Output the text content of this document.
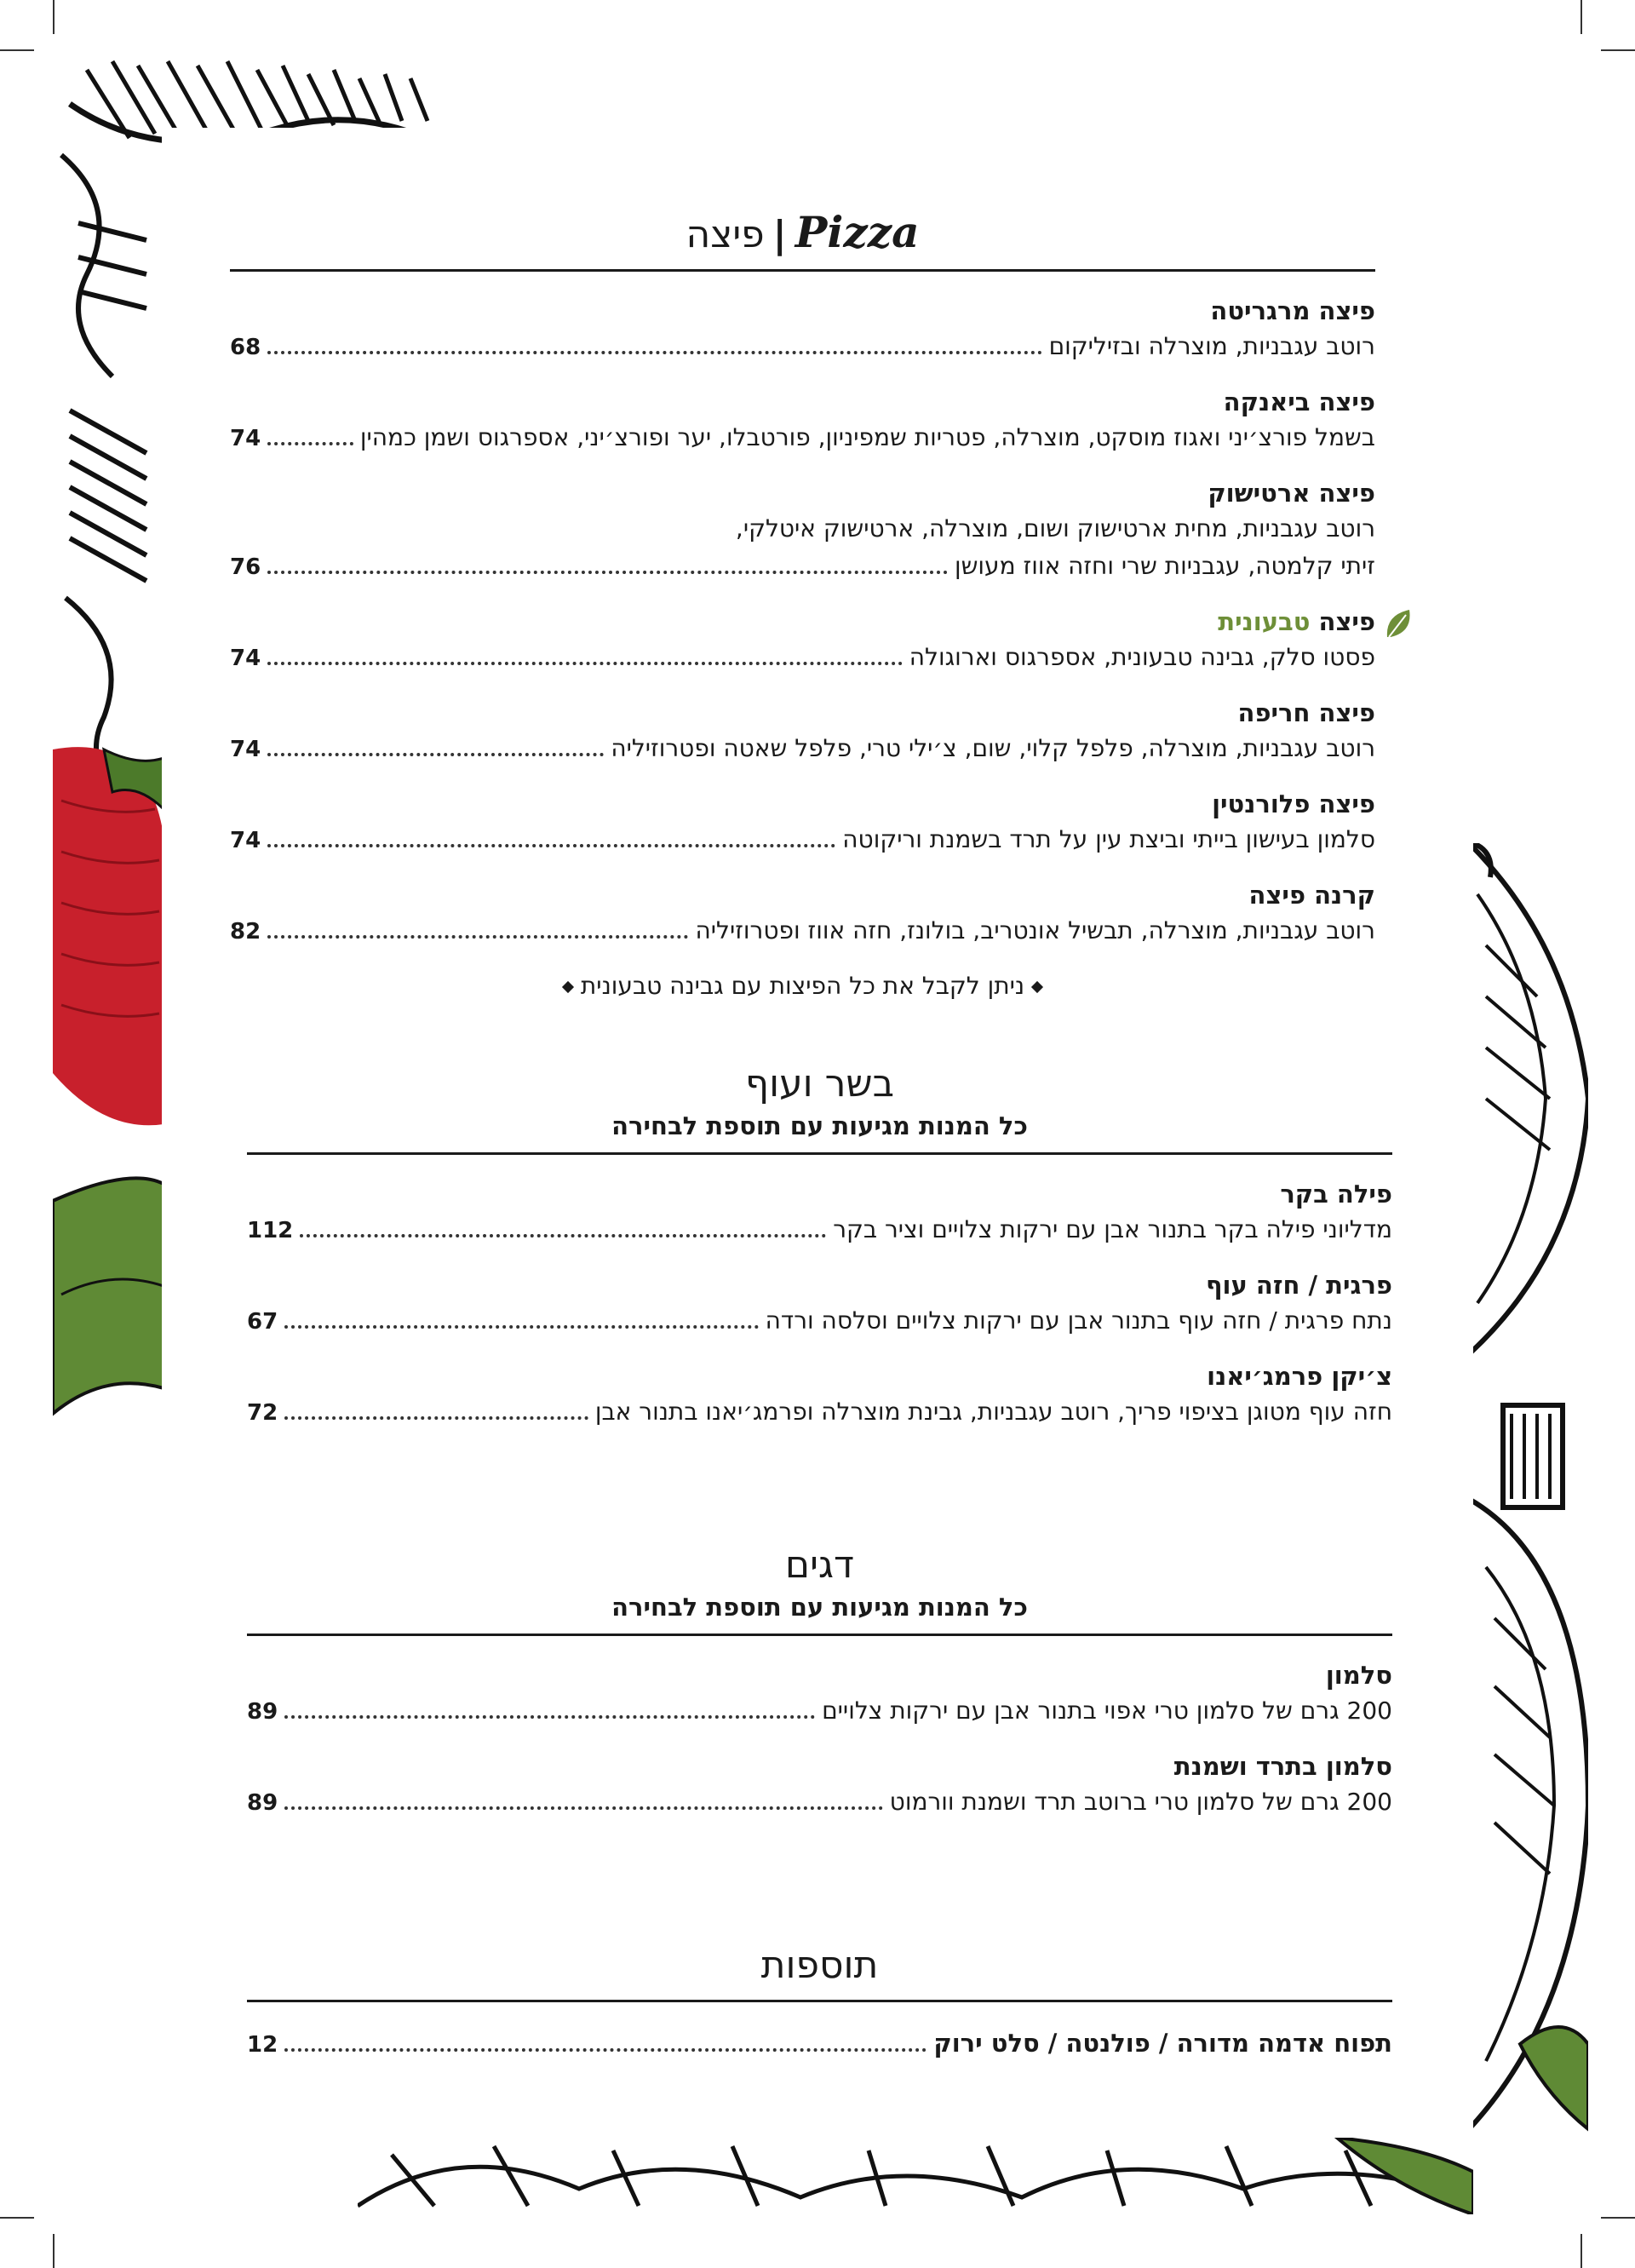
Pizza|פיצה
פיצה מרגריטה
רוטב עגבניות, מוצרלה ובזיליקום
68
פיצה ביאנקה
בשמל פורצ׳יני ואגוז מוסקט, מוצרלה, פטריות שמפיניון, פורטבלו, יער ופורצ׳יני, אספרגוס ושמן כמהין
74
פיצה ארטישוק
רוטב עגבניות, מחית ארטישוק ושום, מוצרלה, ארטישוק איטלקי,
זיתי קלמטה, עגבניות שרי וחזה אווז מעושן
76
פיצה טבעונית
פסטו סלק, גבינה טבעונית, אספרגוס וארוגולה
74
פיצה חריפה
רוטב עגבניות, מוצרלה, פלפל קלוי, שום, צ׳ילי טרי, פלפל שאטה ופטרוזיליה
74
פיצה פלורנטין
סלמון בעישון בייתי וביצת עין על תרד בשמנת וריקוטה
74
קרנה פיצה
רוטב עגבניות, מוצרלה, תבשיל אונטריב, בולונז, חזה אווז ופטרוזיליה
82
ניתן לקבל את כל הפיצות עם גבינה טבעונית
בשר ועוף
כל המנות מגיעות עם תוספת לבחירה
פילה בקר
מדליוני פילה בקר בתנור אבן עם ירקות צלויים וציר בקר
112
פרגית / חזה עוף
נתח פרגית / חזה עוף בתנור אבן עם ירקות צלויים וסלסה ורדה
67
צ׳יקן פרמג׳יאנו
חזה עוף מטוגן בציפוי פריך, רוטב עגבניות, גבינת מוצרלה ופרמג׳יאנו בתנור אבן
72
דגים
כל המנות מגיעות עם תוספת לבחירה
סלמון
200 גרם של סלמון טרי אפוי בתנור אבן עם ירקות צלויים
89
סלמון בתרד ושמנת
200 גרם של סלמון טרי ברוטב תרד ושמנת וורמוט
89
תוספות
תפוח אדמה מדורה / פולנטה / סלט ירוק
12
